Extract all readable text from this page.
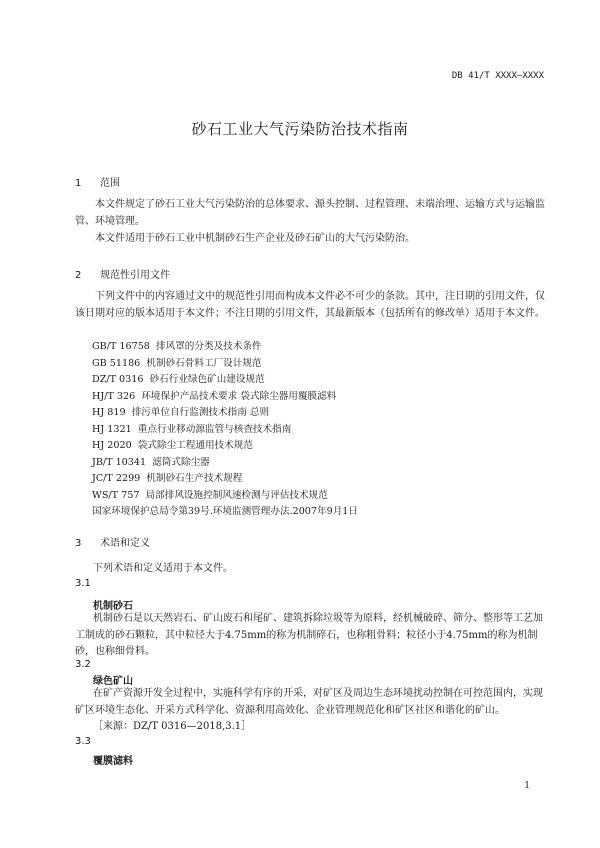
DB 41/T XXXX—XXXX
砂石工业大气污染防治技术指南
1 范围
本文件规定了砂石工业大气污染防治的总体要求、源头控制、过程管理、末端治理、运输方式与运输监管、环境管理。
本文件适用于砂石工业中机制砂石生产企业及砂石矿山的大气污染防治。
2 规范性引用文件
下列文件中的内容通过文中的规范性引用而构成本文件必不可少的条款。其中，注日期的引用文件，仅该日期对应的版本适用于本文件；不注日期的引用文件，其最新版本（包括所有的修改单）适用于本文件。
GB/T 16758 排风罩的分类及技术条件
GB 51186 机制砂石骨料工厂设计规范
DZ/T 0316 砂石行业绿色矿山建设规范
HJ/T 326 环境保护产品技术要求 袋式除尘器用覆膜滤料
HJ 819 排污单位自行监测技术指南 总则
HJ 1321 重点行业移动源监管与核查技术指南
HJ 2020 袋式除尘工程通用技术规范
JB/T 10341 滤筒式除尘器
JC/T 2299 机制砂石生产技术规程
WS/T 757 局部排风设施控制风速检测与评估技术规范
国家环境保护总局令第39号.环境监测管理办法.2007年9月1日
3 术语和定义
下列术语和定义适用于本文件。
3.1
机制砂石
机制砂石是以天然岩石、矿山废石和尾矿、建筑拆除垃圾等为原料，经机械破碎、筛分、整形等工艺加工制成的砂石颗粒，其中粒径大于4.75mm的称为机制碎石，也称粗骨料；粒径小于4.75mm的称为机制砂，也称细骨料。
3.2
绿色矿山
在矿产资源开发全过程中，实施科学有序的开采，对矿区及周边生态环境扰动控制在可控范围内，实现矿区环境生态化、开采方式科学化、资源利用高效化、企业管理规范化和矿区社区和谐化的矿山。
［来源：DZ/T 0316—2018,3.1］
3.3
覆膜滤料
1
